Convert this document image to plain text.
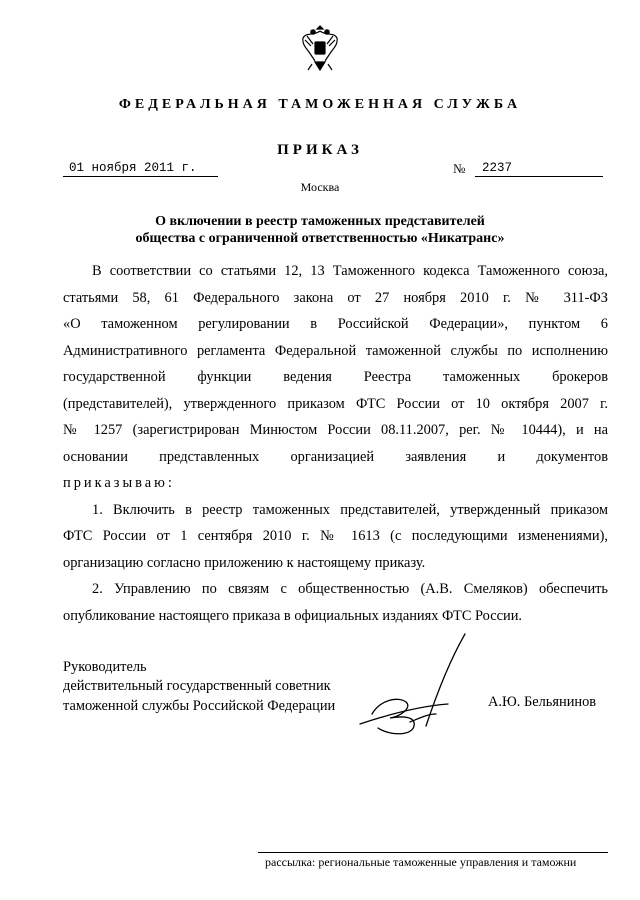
ФЕДЕРАЛЬНАЯ ТАМОЖЕННАЯ СЛУЖБА
ПРИКАЗ
01 ноября 2011 г.	№	2237
Москва
О включении в реестр таможенных представителей
общества с ограниченной ответственностью «Никатранс»
В соответствии со статьями 12, 13 Таможенного кодекса Таможенного союза,
статьями 58, 61 Федерального закона от 27 ноября 2010 г. № 311-ФЗ
«О таможенном регулировании в Российской Федерации», пунктом 6
Административного регламента Федеральной таможенной службы по исполнению
государственной функции ведения Реестра таможенных брокеров
(представителей), утвержденного приказом ФТС России от 10 октября 2007 г.
№ 1257 (зарегистрирован Минюстом России 08.11.2007, рег. № 10444), и на
основании представленных организацией заявления и документов
приказываю:
1. Включить в реестр таможенных представителей, утвержденный приказом
ФТС России от 1 сентября 2010 г. № 1613 (с последующими изменениями),
организацию согласно приложению к настоящему приказу.
2. Управлению по связям с общественностью (А.В. Смеляков) обеспечить
опубликование настоящего приказа в официальных изданиях ФТС России.
Руководитель
действительный государственный советник
таможенной службы Российской Федерации	А.Ю. Бельянинов
рассылка: региональные таможенные управления и таможни
